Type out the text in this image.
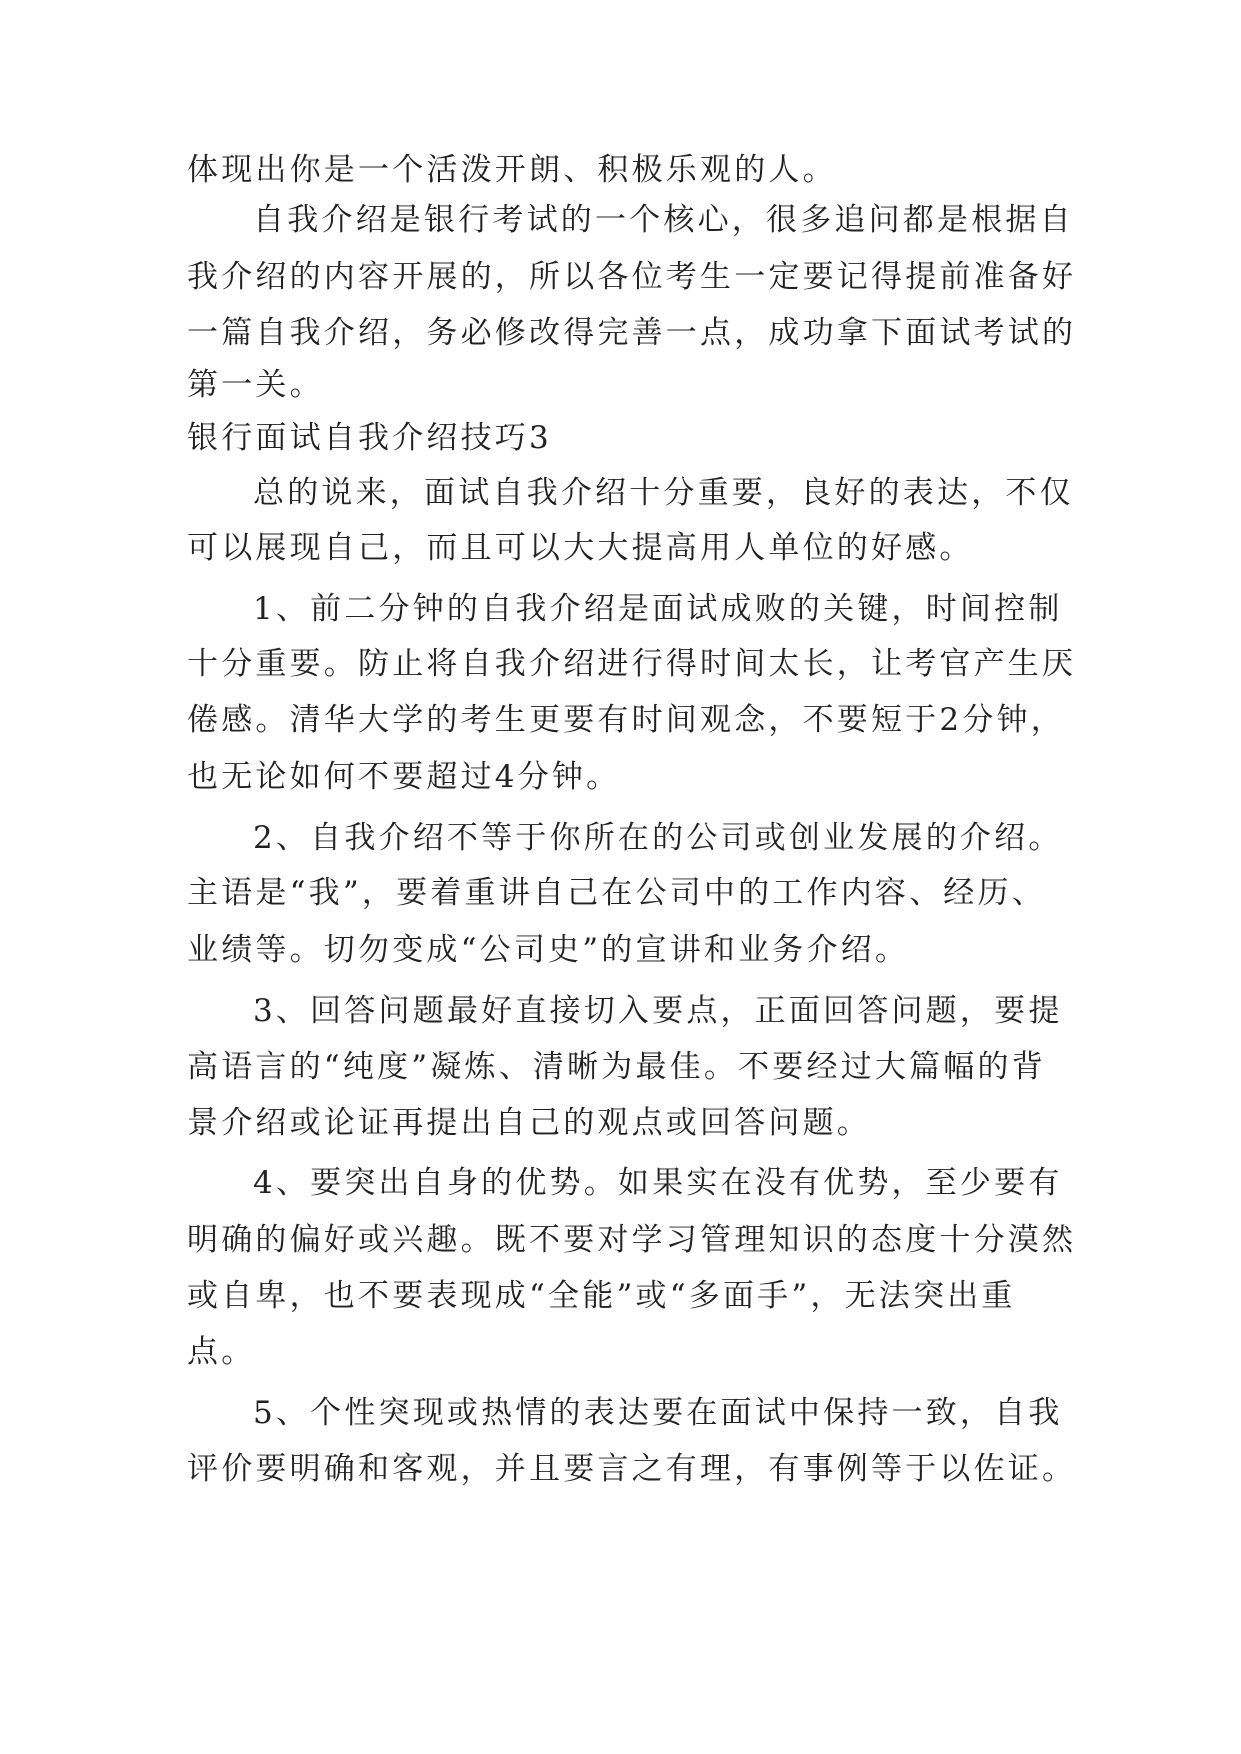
体现出你是一个活泼开朗、积极乐观的人。
自我介绍是银行考试的一个核心，很多追问都是根据自
我介绍的内容开展的，所以各位考生一定要记得提前准备好
一篇自我介绍，务必修改得完善一点，成功拿下面试考试的
第一关。
银行面试自我介绍技巧3
总的说来，面试自我介绍十分重要，良好的表达，不仅
可以展现自己，而且可以大大提高用人单位的好感。
1、前二分钟的自我介绍是面试成败的关键，时间控制
十分重要。防止将自我介绍进行得时间太长，让考官产生厌
倦感。清华大学的考生更要有时间观念，不要短于2分钟，
也无论如何不要超过4分钟。
2、自我介绍不等于你所在的公司或创业发展的介绍。
主语是“我”，要着重讲自己在公司中的工作内容、经历、
业绩等。切勿变成“公司史”的宣讲和业务介绍。
3、回答问题最好直接切入要点，正面回答问题，要提
高语言的“纯度”凝炼、清晰为最佳。不要经过大篇幅的背
景介绍或论证再提出自己的观点或回答问题。
4、要突出自身的优势。如果实在没有优势，至少要有
明确的偏好或兴趣。既不要对学习管理知识的态度十分漠然
或自卑，也不要表现成“全能”或“多面手”，无法突出重
点。
5、个性突现或热情的表达要在面试中保持一致，自我
评价要明确和客观，并且要言之有理，有事例等于以佐证。
